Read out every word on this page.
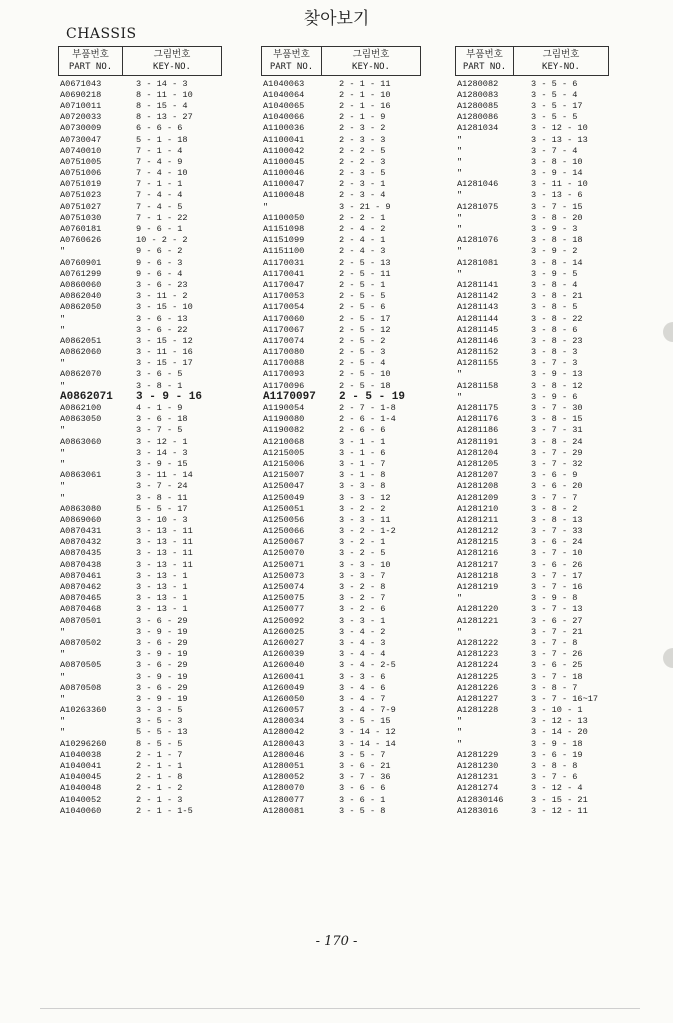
찾아보기
CHASSIS
부품번호
PART NO.
그림번호
KEY-NO.
A0671043	3 - 14 - 3
A0690218	8 - 11 - 10
A0710011	8 - 15 - 4
A0720033	8 - 13 - 27
A0730009	6 - 6 - 6
A0730047	5 - 1 - 18
A0740010	7 - 1 - 4
A0751005	7 - 4 - 9
A0751006	7 - 4 - 10
A0751019	7 - 1 - 1
A0751023	7 - 4 - 4
A0751027	7 - 4 - 5
A0751030	7 - 1 - 22
A0760181	9 - 6 - 1
A0760626	10 - 2 - 2
"	9 - 6 - 2
A0760901	9 - 6 - 3
A0761299	9 - 6 - 4
A0860060	3 - 6 - 23
A0862040	3 - 11 - 2
A0862050	3 - 15 - 10
"	3 - 6 - 13
"	3 - 6 - 22
A0862051	3 - 15 - 12
A0862060	3 - 11 - 16
"	3 - 15 - 17
A0862070	3 - 6 - 5
"	3 - 8 - 1
A0862071	3 - 9 - 16
A0862100	4 - 1 - 9
A0863050	3 - 6 - 18
"	3 - 7 - 5
A0863060	3 - 12 - 1
"	3 - 14 - 3
"	3 - 9 - 15
A0863061	3 - 11 - 14
"	3 - 7 - 24
"	3 - 8 - 11
A0863080	5 - 5 - 17
A0869060	3 - 10 - 3
A0870431	3 - 13 - 11
A0870432	3 - 13 - 11
A0870435	3 - 13 - 11
A0870438	3 - 13 - 11
A0870461	3 - 13 - 1
A0870462	3 - 13 - 1
A0870465	3 - 13 - 1
A0870468	3 - 13 - 1
A0870501	3 - 6 - 29
"	3 - 9 - 19
A0870502	3 - 6 - 29
"	3 - 9 - 19
A0870505	3 - 6 - 29
"	3 - 9 - 19
A0870508	3 - 6 - 29
"	3 - 9 - 19
A10263360	3 - 3 - 5
"	3 - 5 - 3
"	5 - 5 - 13
A10296260	8 - 5 - 5
A1040038	2 - 1 - 7
A1040041	2 - 1 - 1
A1040045	2 - 1 - 8
A1040048	2 - 1 - 2
A1040052	2 - 1 - 3
A1040060	2 - 1 - 1-5
부품번호
PART NO.
그림번호
KEY-NO.
A1040063	2 - 1 - 11
A1040064	2 - 1 - 10
A1040065	2 - 1 - 16
A1040066	2 - 1 - 9
A1100036	2 - 3 - 2
A1100041	2 - 3 - 3
A1100042	2 - 2 - 5
A1100045	2 - 2 - 3
A1100046	2 - 3 - 5
A1100047	2 - 3 - 1
A1100048	2 - 3 - 4
"	3 - 21 - 9
A1100050	2 - 2 - 1
A1151098	2 - 4 - 2
A1151099	2 - 4 - 1
A1151100	2 - 4 - 3
A1170031	2 - 5 - 13
A1170041	2 - 5 - 11
A1170047	2 - 5 - 1
A1170053	2 - 5 - 5
A1170054	2 - 5 - 6
A1170060	2 - 5 - 17
A1170067	2 - 5 - 12
A1170074	2 - 5 - 2
A1170080	2 - 5 - 3
A1170088	2 - 5 - 4
A1170093	2 - 5 - 10
A1170096	2 - 5 - 18
A1170097	2 - 5 - 19
A1190054	2 - 7 - 1-8
A1190080	2 - 6 - 1-4
A1190082	2 - 6 - 6
A1210068	3 - 1 - 1
A1215005	3 - 1 - 6
A1215006	3 - 1 - 7
A1215007	3 - 1 - 8
A1250047	3 - 3 - 8
A1250049	3 - 3 - 12
A1250051	3 - 2 - 2
A1250056	3 - 3 - 11
A1250066	3 - 2 - 1-2
A1250067	3 - 2 - 1
A1250070	3 - 2 - 5
A1250071	3 - 3 - 10
A1250073	3 - 3 - 7
A1250074	3 - 2 - 8
A1250075	3 - 2 - 7
A1250077	3 - 2 - 6
A1250092	3 - 3 - 1
A1260025	3 - 4 - 2
A1260027	3 - 4 - 3
A1260039	3 - 4 - 4
A1260040	3 - 4 - 2-5
A1260041	3 - 3 - 6
A1260049	3 - 4 - 6
A1260050	3 - 4 - 7
A1260057	3 - 4 - 7-9
A1280034	3 - 5 - 15
A1280042	3 - 14 - 12
A1280043	3 - 14 - 14
A1280046	3 - 5 - 7
A1280051	3 - 6 - 21
A1280052	3 - 7 - 36
A1280070	3 - 6 - 6
A1280077	3 - 6 - 1
A1280081	3 - 5 - 8
부품번호
PART NO.
그림번호
KEY-NO.
A1280082	3 - 5 - 6
A1280083	3 - 5 - 4
A1280085	3 - 5 - 17
A1280086	3 - 5 - 5
A1281034	3 - 12 - 10
"	3 - 13 - 13
"	3 - 7 - 4
"	3 - 8 - 10
"	3 - 9 - 14
A1281046	3 - 11 - 10
"	3 - 13 - 6
A1281075	3 - 7 - 15
"	3 - 8 - 20
"	3 - 9 - 3
A1281076	3 - 8 - 18
"	3 - 9 - 2
A1281081	3 - 8 - 14
"	3 - 9 - 5
A1281141	3 - 8 - 4
A1281142	3 - 8 - 21
A1281143	3 - 8 - 5
A1281144	3 - 8 - 22
A1281145	3 - 8 - 6
A1281146	3 - 8 - 23
A1281152	3 - 8 - 3
A1281155	3 - 7 - 3
"	3 - 9 - 13
A1281158	3 - 8 - 12
"	3 - 9 - 6
A1281175	3 - 7 - 30
A1281176	3 - 8 - 15
A1281186	3 - 7 - 31
A1281191	3 - 8 - 24
A1281204	3 - 7 - 29
A1281205	3 - 7 - 32
A1281207	3 - 6 - 9
A1281208	3 - 6 - 20
A1281209	3 - 7 - 7
A1281210	3 - 8 - 2
A1281211	3 - 8 - 13
A1281212	3 - 7 - 33
A1281215	3 - 6 - 24
A1281216	3 - 7 - 10
A1281217	3 - 6 - 26
A1281218	3 - 7 - 17
A1281219	3 - 7 - 16
"	3 - 9 - 8
A1281220	3 - 7 - 13
A1281221	3 - 6 - 27
"	3 - 7 - 21
A1281222	3 - 7 - 8
A1281223	3 - 7 - 26
A1281224	3 - 6 - 25
A1281225	3 - 7 - 18
A1281226	3 - 8 - 7
A1281227	3 - 7 - 16~17
A1281228	3 - 10 - 1
"	3 - 12 - 13
"	3 - 14 - 20
"	3 - 9 - 18
A1281229	3 - 6 - 19
A1281230	3 - 8 - 8
A1281231	3 - 7 - 6
A1281274	3 - 12 - 4
A12830146	3 - 15 - 21
A1283016	3 - 12 - 11
- 170 -
